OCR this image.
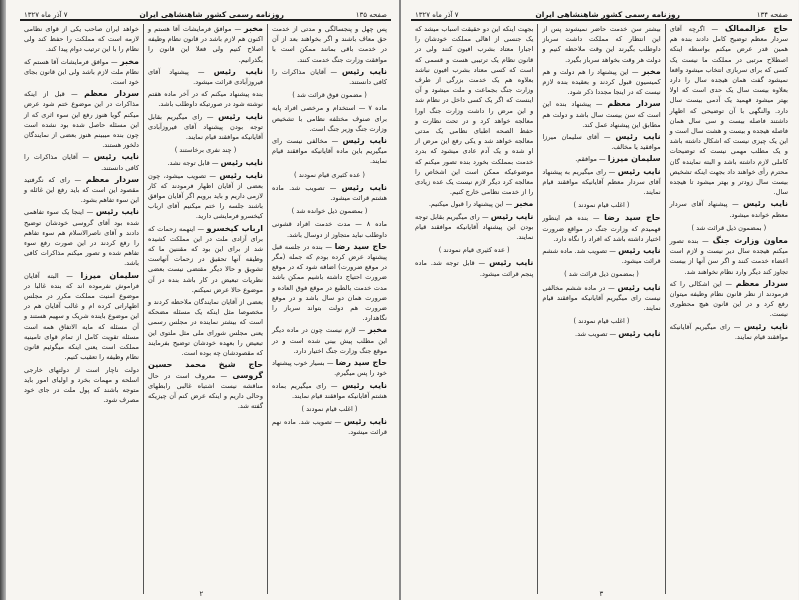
صفحه ۱۳۵
روزنامه رسمی کشور شاهنشاهی ایران
۷ آذر ماه ۱۳۲۷

پس چهل و پنجسالگی و مدتی از خدمت حق معاف باشند و اگر بخواهند بعد از آن در خدمت باقی بمانند ممکن است با موافقت وزارت جنگ خدمت کنند.

نایب رئیس — آقایان مذاکرات را کافی دانستند.

( مضمون فوق قرائت شد )

ماده ۷ — استخدام و مرخصی افراد پایه برای صنوف مختلفه نظامی با تشخیص وزارت جنگ وزیر جنگ است.

نایب رئیس — مخالفی نیست رای میگیریم باین ماده آقایانیکه موافقند قیام نمایند.

( عده کثیری قیام نمودند )

نایب رئیس — تصویب شد. ماده هشتم قرائت میشود.

( بمضمون ذیل خوانده شد )

ماده ۸ — مدت خدمت افراد قشونی داوطلب نباید متجاوز از دوسال باشد.

حاج سید رضا — بنده در جلسه قبل پیشنهاد عرض کرده بودم که جمله (مگر در موقع ضرورت) اضافه شود که در موقع ضرورت احتیاج داشته باشیم ممکن باشد مدت خدمت بالطبع در موقع فوق العاده و ضرورت همان دو سال باشد و در موقع ضرورت هم دولت بتواند سرباز را نگاهدارد.

مخبر — لازم نیست چون در ماده دیگر این مطلب پیش بینی شده است و در موقع جنگ وزارت جنگ اختیار دارد.

حاج سید رضا — بسیار خوب پیشنهاد خود را پس میگیرم.

نایب رئیس — رای میگیریم بماده هشتم آقایانیکه موافقند قیام نمایند.

( اغلب قیام نمودند )

نایب رئیس — تصویب شد. ماده نهم قرائت میشود.

مخبر — موافق فرمایشات آقا هستم و اکنون هم لازم باشد در قانون نظام وظیفه اصلاح کنیم ولی فعلا این قانون را بگذرانیم.

نایب رئیس — پیشنهاد آقای فیروزآبادی قرائت میشود.

بنده پیشنهاد میکنم که در آخر ماده هفتم نوشته شود در صورتیکه داوطلب باشد.

نایب رئیس — رای میگیریم بقابل توجه بودن پیشنهاد آقای فیروزآبادی آقایانیکه موافقند قیام نمایند.

( چند نفری برخاستند )

نایب رئیس — قابل توجه نشد.

نایب رئیس — تصویب میشود، چون بعضی از آقایان اظهار فرمودند که کار لازمی داریم و باید برویم اگر آقایان موافق باشند جلسه را ختم میکنیم آقای ارباب کیخسرو فرمایشی دارید.

ارباب کیخسرو — اینهمه زحمات که برای آزادی ملت در این مملکت کشیده شد از برای این بود که مقننین ما که وظیفه آنها تحقیق در زحمات آنهاست تشویق و حالا دیگر مقتضی نیست بعضی نظریات تبعیض در کار باشد بنده در آن موضوع حالا عرض نمیکنم.

بعضی از آقایان نمایندگان ملاحظه کردند و مخصوصا مثل اینکه یک مسئله مضحکه است که بیشتر نماینده در مجلس رسمی یعنی مجلس شورای ملی مثل ملتوی این تبعیض را بعهده خودشان توضیح بفرمایند که مقصودشان چه بوده است.

حاج شیخ محمد حسین گروسی — معروف است در حال مناقشه نیست اشتباه غالبی رابطهای وحالی داریم و اینکه عرض کنم آن چیزیکه گفته شد.

خواهد ایران صاحب یکی از قوای نظامی لازمه است که مملکت را حفظ کند ولی نظام را با این ترتیب دوام پیدا کند.

مخبر — موافق فرمایشات آقا هستم که نظام ملت لازم باشد ولی این قانون بجای خود است.

سردار معظم — قبل از اینکه مذاکرات در این موضوع ختم شود عرض میکنم گویا هنوز رفع این سوء اثری که از این مسئله حاصل شده بود نشده است چون بنده میبینم هنوز بعضی از نمایندگان دلخور هستند.

نایب رئیس — آقایان مذاکرات را کافی دانستند.

سردار معظم — رای که نگرفتید مقصود این است که باید رفع این غائله و این سوء تفاهم بشود.

نایب رئیس — اینجا یک سوء تفاهمی شده بود آقای گروسی خودشان توضیح دادند و آقای ناصرالاسلام هم سوء تفاهم را رفع کردند در این صورت رفع سوء تفاهم شده و تصور میکنم مذاکرات کافی باشد.

سلیمان میرزا — البته آقایان فراموش نفرموده اند که بنده غالبا در موضوع امنیت مملکت مکرر در مجلس اظهاراتی کرده ام و غالب آقایان هم در این موضوع باینده شریک و سهیم هستند و آن مسئله که مایه الاتفاق همه است مسئله تقویت کامل از تمام قوای تامینیه مملکت است یعنی اینکه میگوئیم قانون نظام وظیفه را تعقیب کنیم.

دولت ناچار است از دولتهای خارجی اسلحه و مهمات بخرد و اولیای امور باید متوجه باشند که پول ملت در جای خود مصرف شود.

۲
صفحه ۱۳۴
روزنامه رسمی کشور شاهنشاهی ایران
۷ آذر ماه ۱۳۲۷

حاج عزالممالک — اگرچه آقای سردار معظم توضیح کامل دادند بنده هم همین قدر عرض میکنم بواسطه اینکه اصطلاح مرتبی در مملکت ما نیست یک کسی که برای سربازی انتخاب میشود واقعا نمیشود گفت همان هیجده سال را دارد بعلاوه بیست سال یک حدی است که اولا بهتر میشود فهمید یک آدمی بیست سال دارد. والنگهی با آن توضیحی که اظهار داشتند فاصله بیست و سی سال همان فاصله هیجده و بیست و هشت سال است و این یک چیزی نیست که اشکال داشته باشد و یک مطلب مهمی نیست که توضیحات کاملی لازم داشته باشد و البته نماینده گان محترم رأی خواهند داد بجهت اینکه تشخیص بیست سال زودتر و بهتر میشود تا هیجده سال.

نایب رئیس — پیشنهاد آقای سردار معظم خوانده میشود.

( بمضمون ذیل قرائت شد )

معاون وزارت جنگ — بنده تصور میکنم هیجده سال دیر نیست و لازم است اعضاء خدمت کنند و اگر سن آنها از بیست تجاوز کند دیگر وارد نظام نخواهند شد.

سردار معظم — این اشکالی را که فرمودند از نظر قانون نظام وظیفه میتوان رفع کرد و در این قانون هیچ محظوری نیست.

نایب رئیس — رای میگیریم آقایانیکه موافقند قیام نمایند.

بیشتر سن خدمت حاضر نمیشوند پس از این انتظار که مملکت داشت سرباز داوطلب بگیرند این وقت ملاحظه کنیم و دولت هر وقت بخواهد سرباز بگیرد.

مخبر — این پیشنهاد را هم دولت و هم کمیسیون قبول کردند و بعقیده بنده لازم نیست که در اینجا مجددا ذکر شود.

سردار معظم — پیشنهاد بنده این است که سن بیست سال باشد و دولت هم مطابق این پیشنهاد عمل کند.

نایب رئیس — آقای سلیمان میرزا موافقید یا مخالف.

سلیمان میرزا — موافقم.

نایب رئیس — رای میگیریم به پیشنهاد آقای سردار معظم آقایانیکه موافقند قیام نمایند.

( اغلب قیام نمودند )

حاج سید رضا — بنده هم اینطور فهمیدم که وزارت جنگ در مواقع ضرورت اختیار داشته باشد که افراد را نگاه دارد.

نایب رئیس — تصویب شد. ماده ششم قرائت میشود.

( بمضمون ذیل قرائت شد )

نایب رئیس — در ماده ششم مخالفی نیست رای میگیریم آقایانیکه موافقند قیام نمایند.

( اغلب قیام نمودند )

نایب رئیس — تصویب شد.

بجهت اینکه این دو حقیقت اسباب میشد که یک جنسی از اهالی مملکت خودشان را اجبارا معتاد بشرب افیون کنند ولی در قانون نظام یک ترتیبی هست و قسمی که است که کسی معتاد بشرب افیون نباشد بعلاوه هم یک خدمت بزرگی از طرف وزارت جنگ بجماعت و ملت میشود و آن اینست که اگر یک کسی داخل در نظام شد و این مرض را داشت وزارت جنگ اورا معالجه خواهد کرد و در تحت نظارت و حفظ الصحه اطبای نظامی یک مدتی معالجه خواهد شد و یکی رفع این مرض از او شده و یک آدم عادی میشود که بدرد خدمت بمملکت بخورد بنده تصور میکنم که موضوعیکه ممکن است این اشخاص را معالجه کرد دیگر لازم نیست یک عده زیادی را از خدمت نظامی خارج کنیم.

مخبر — این پیشنهاد را قبول میکنیم.

نایب رئیس — رای میگیریم بقابل توجه بودن این پیشنهاد آقایانیکه موافقند قیام نمایند.

( عده کثیری قیام نمودند )

نایب رئیس — قابل توجه شد. ماده پنجم قرائت میشود.

۳
